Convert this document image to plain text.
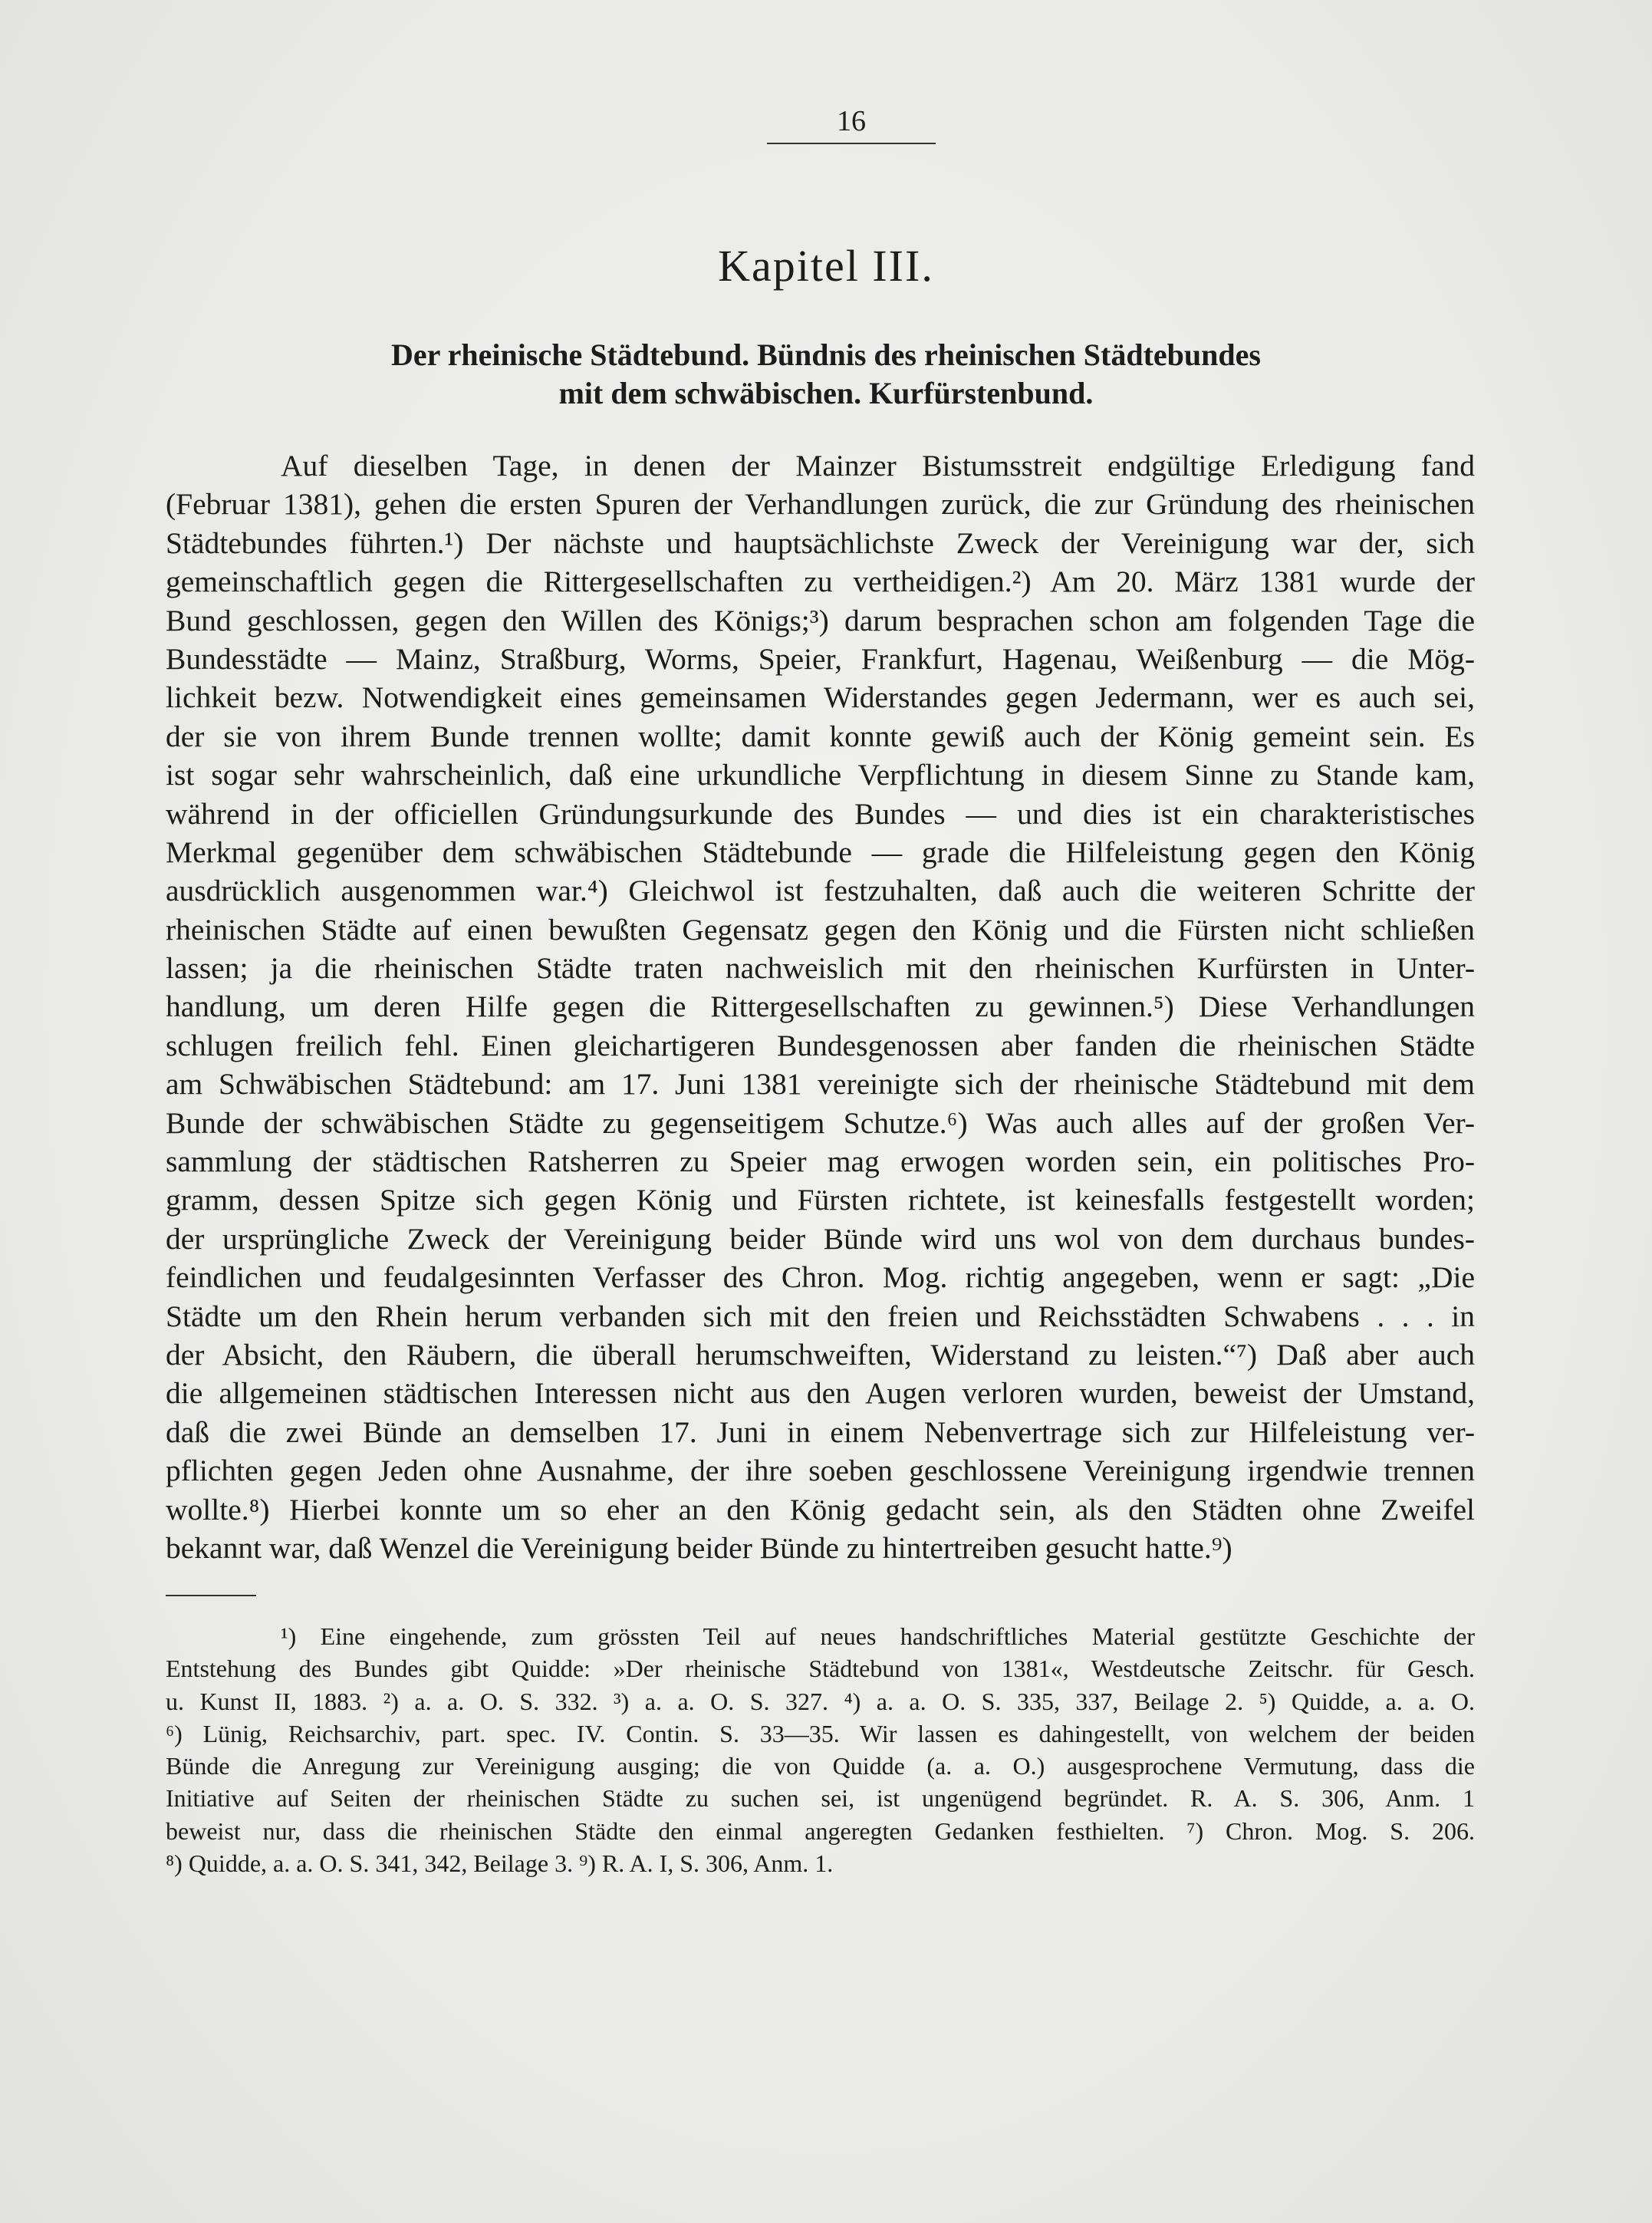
16
Kapitel III.
Der rheinische Städtebund. Bündnis des rheinischen Städtebundes
mit dem schwäbischen. Kurfürstenbund.
Auf dieselben Tage, in denen der Mainzer Bistumsstreit endgültige Erledigung fand
(Februar 1381), gehen die ersten Spuren der Verhandlungen zurück, die zur Gründung des rheinischen
Städtebundes führten.¹) Der nächste und hauptsächlichste Zweck der Vereinigung war der, sich
gemeinschaftlich gegen die Rittergesellschaften zu vertheidigen.²) Am 20. März 1381 wurde der
Bund geschlossen, gegen den Willen des Königs;³) darum besprachen schon am folgenden Tage die
Bundesstädte — Mainz, Straßburg, Worms, Speier, Frankfurt, Hagenau, Weißenburg — die Mög-
lichkeit bezw. Notwendigkeit eines gemeinsamen Widerstandes gegen Jedermann, wer es auch sei,
der sie von ihrem Bunde trennen wollte; damit konnte gewiß auch der König gemeint sein. Es
ist sogar sehr wahrscheinlich, daß eine urkundliche Verpflichtung in diesem Sinne zu Stande kam,
während in der officiellen Gründungsurkunde des Bundes — und dies ist ein charakteristisches
Merkmal gegenüber dem schwäbischen Städtebunde — grade die Hilfeleistung gegen den König
ausdrücklich ausgenommen war.⁴) Gleichwol ist festzuhalten, daß auch die weiteren Schritte der
rheinischen Städte auf einen bewußten Gegensatz gegen den König und die Fürsten nicht schließen
lassen; ja die rheinischen Städte traten nachweislich mit den rheinischen Kurfürsten in Unter-
handlung, um deren Hilfe gegen die Rittergesellschaften zu gewinnen.⁵) Diese Verhandlungen
schlugen freilich fehl. Einen gleichartigeren Bundesgenossen aber fanden die rheinischen Städte
am Schwäbischen Städtebund: am 17. Juni 1381 vereinigte sich der rheinische Städtebund mit dem
Bunde der schwäbischen Städte zu gegenseitigem Schutze.⁶) Was auch alles auf der großen Ver-
sammlung der städtischen Ratsherren zu Speier mag erwogen worden sein, ein politisches Pro-
gramm, dessen Spitze sich gegen König und Fürsten richtete, ist keinesfalls festgestellt worden;
der ursprüngliche Zweck der Vereinigung beider Bünde wird uns wol von dem durchaus bundes-
feindlichen und feudalgesinnten Verfasser des Chron. Mog. richtig angegeben, wenn er sagt: „Die
Städte um den Rhein herum verbanden sich mit den freien und Reichsstädten Schwabens . . . in
der Absicht, den Räubern, die überall herumschweiften, Widerstand zu leisten.“⁷) Daß aber auch
die allgemeinen städtischen Interessen nicht aus den Augen verloren wurden, beweist der Umstand,
daß die zwei Bünde an demselben 17. Juni in einem Nebenvertrage sich zur Hilfeleistung ver-
pflichten gegen Jeden ohne Ausnahme, der ihre soeben geschlossene Vereinigung irgendwie trennen
wollte.⁸) Hierbei konnte um so eher an den König gedacht sein, als den Städten ohne Zweifel
bekannt war, daß Wenzel die Vereinigung beider Bünde zu hintertreiben gesucht hatte.⁹)
¹) Eine eingehende, zum grössten Teil auf neues handschriftliches Material gestützte Geschichte der
Entstehung des Bundes gibt Quidde: »Der rheinische Städtebund von 1381«, Westdeutsche Zeitschr. für Gesch.
u. Kunst II, 1883. ²) a. a. O. S. 332. ³) a. a. O. S. 327. ⁴) a. a. O. S. 335, 337, Beilage 2. ⁵) Quidde, a. a. O.
⁶) Lünig, Reichsarchiv, part. spec. IV. Contin. S. 33—35. Wir lassen es dahingestellt, von welchem der beiden
Bünde die Anregung zur Vereinigung ausging; die von Quidde (a. a. O.) ausgesprochene Vermutung, dass die
Initiative auf Seiten der rheinischen Städte zu suchen sei, ist ungenügend begründet. R. A. S. 306, Anm. 1
beweist nur, dass die rheinischen Städte den einmal angeregten Gedanken festhielten. ⁷) Chron. Mog. S. 206.
⁸) Quidde, a. a. O. S. 341, 342, Beilage 3. ⁹) R. A. I, S. 306, Anm. 1.
